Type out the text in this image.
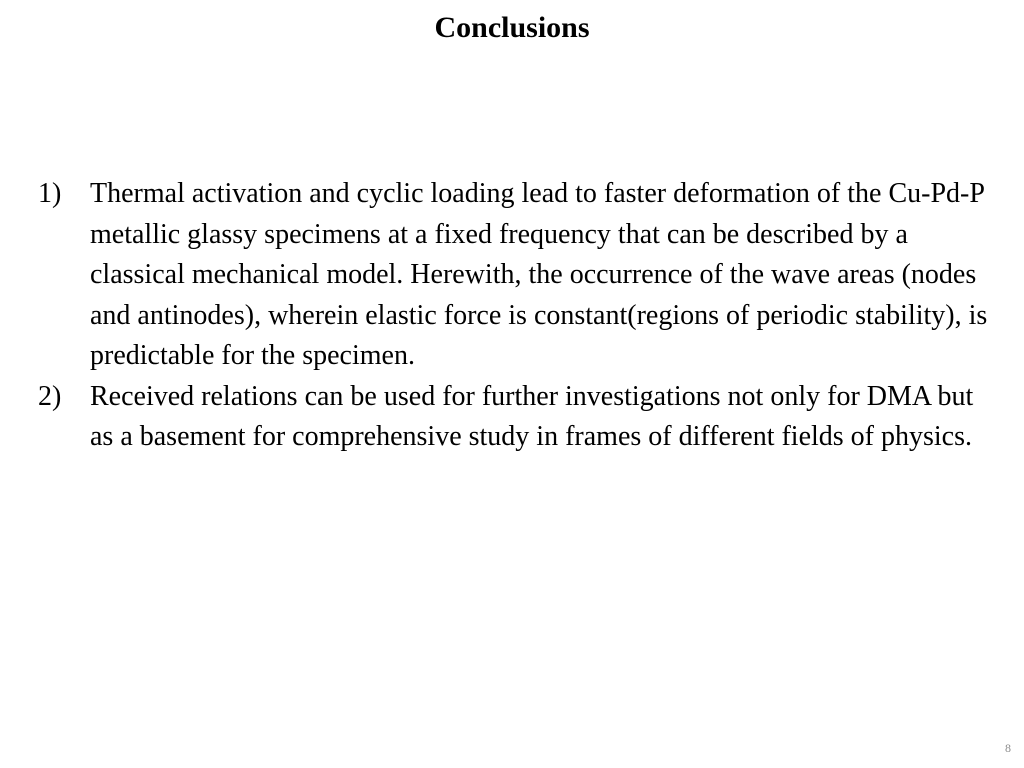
Conclusions
1) Thermal activation and cyclic loading lead to faster deformation of the Cu-Pd-P metallic glassy specimens at a fixed frequency that can be described by a classical mechanical model. Herewith, the occurrence of the wave areas (nodes and antinodes), wherein elastic force is constant(regions of periodic stability), is predictable for the specimen.
2) Received relations can be used for further investigations not only for DMA but as a basement for comprehensive study in frames of different fields of physics.
8
